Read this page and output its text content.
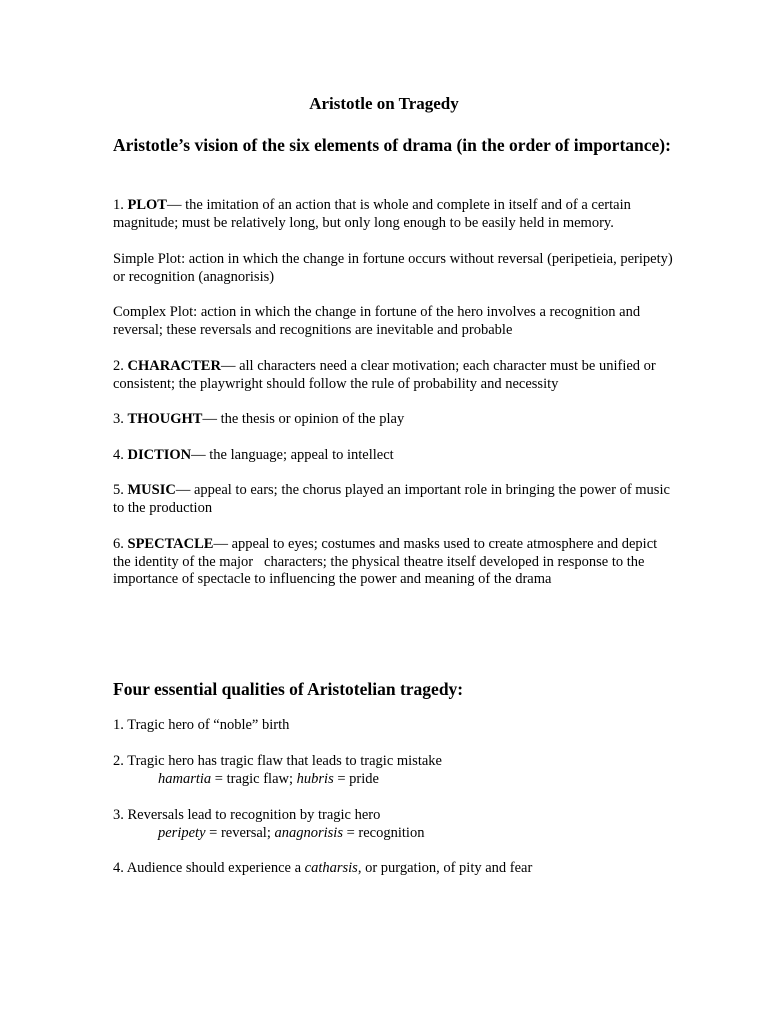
Aristotle on Tragedy
Aristotle’s vision of the six elements of drama (in the order of importance):
1. PLOT— the imitation of an action that is whole and complete in itself and of a certain magnitude; must be relatively long, but only long enough to be easily held in memory.
Simple Plot: action in which the change in fortune occurs without reversal (peripetieia, peripety) or recognition (anagnorisis)
Complex Plot: action in which the change in fortune of the hero involves a recognition and reversal; these reversals and recognitions are inevitable and probable
2. CHARACTER— all characters need a clear motivation; each character must be unified or consistent; the playwright should follow the rule of probability and necessity
3. THOUGHT— the thesis or opinion of the play
4. DICTION— the language; appeal to intellect
5. MUSIC— appeal to ears; the chorus played an important role in bringing the power of music to the production
6. SPECTACLE— appeal to eyes; costumes and masks used to create atmosphere and depict the identity of the major   characters; the physical theatre itself developed in response to the importance of spectacle to influencing the power and meaning of the drama
Four essential qualities of Aristotelian tragedy:
1. Tragic hero of “noble” birth
2. Tragic hero has tragic flaw that leads to tragic mistake
hamartia = tragic flaw; hubris = pride
3. Reversals lead to recognition by tragic hero
peripety = reversal; anagnorisis = recognition
4. Audience should experience a catharsis, or purgation, of pity and fear
